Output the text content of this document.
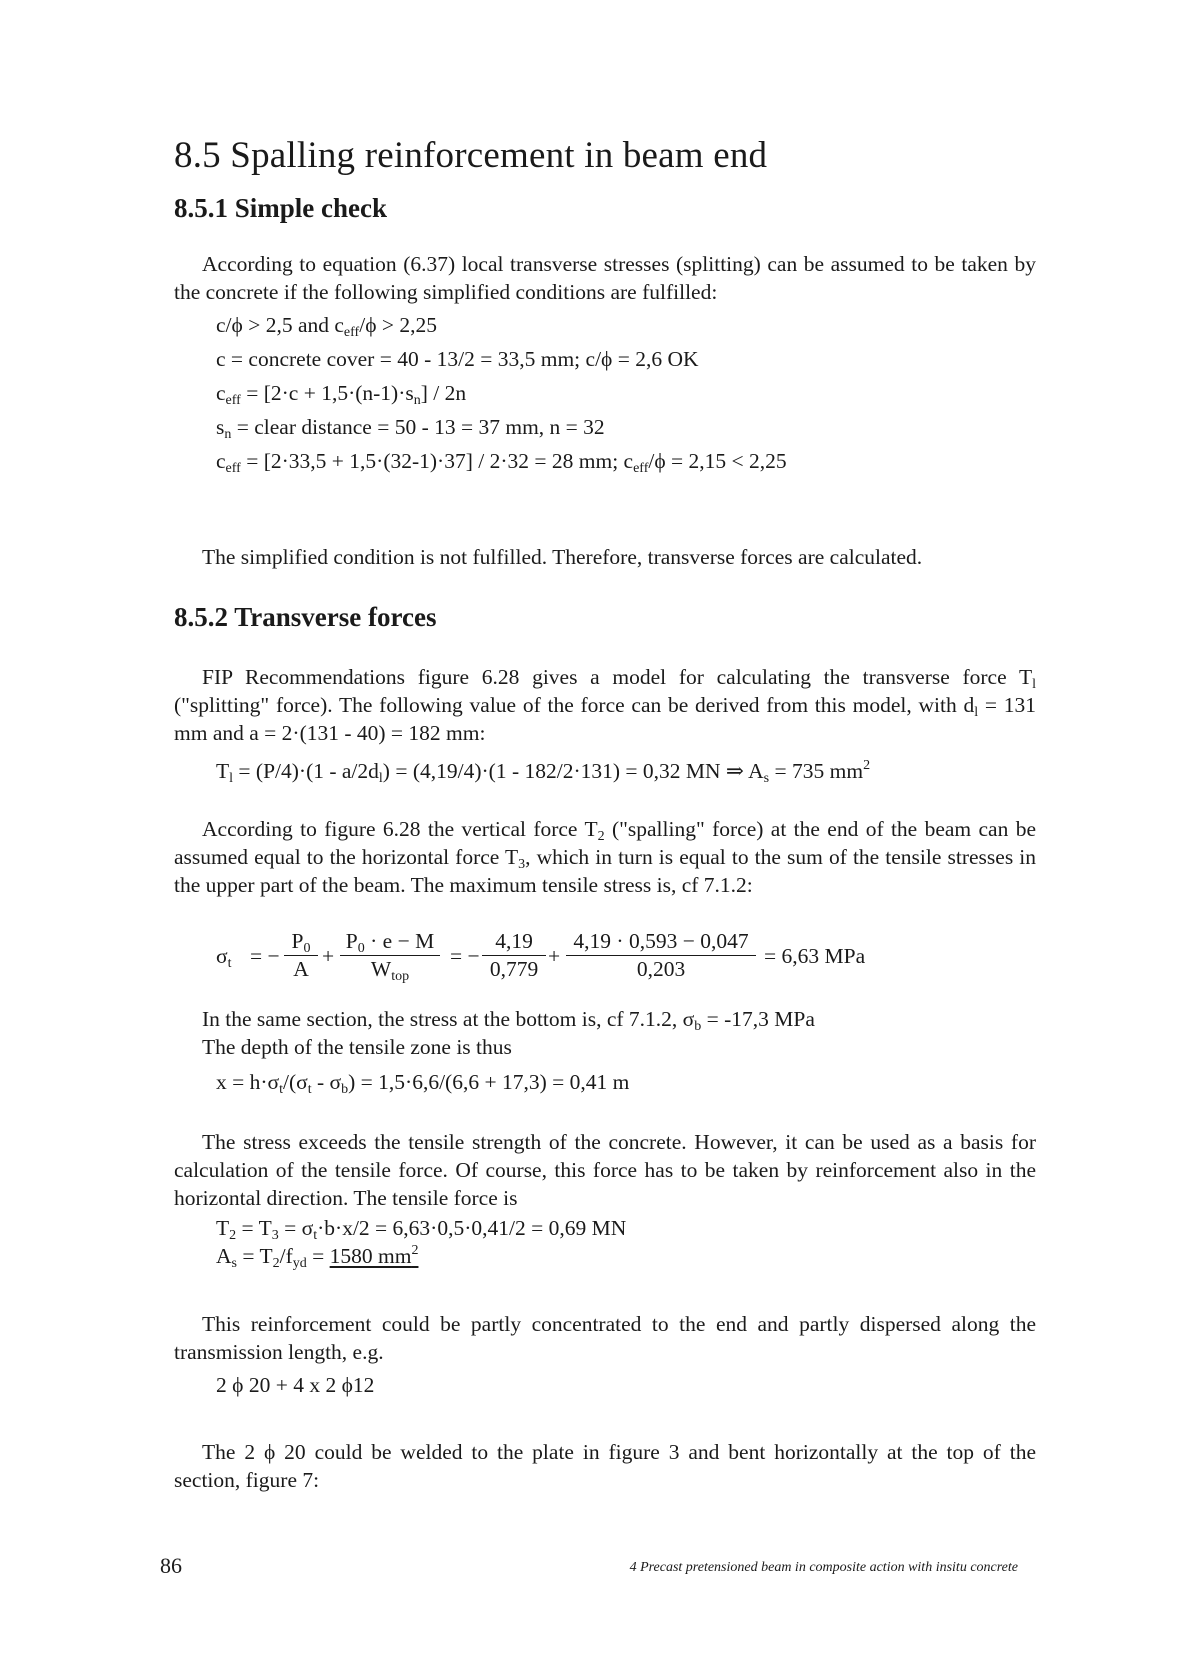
8.5 Spalling reinforcement in beam end
8.5.1 Simple check

According to equation (6.37) local transverse stresses (splitting) can be assumed to be taken by the concrete if the following simplified conditions are fulfilled:

c/ϕ > 2,5 and $c_{eff}/\phi > 2,25$
c = concrete cover = 40 - 13/2 = 33,5 mm; c/ϕ = 2,6 OK
$c_{eff} = [2\cdot c + 1,5\cdot(n-1)\cdot s_n] / 2n$
$s_n$ = clear distance = 50 - 13 = 37 mm, n = 32
$c_{eff} = [2\cdot 33,5 + 1,5\cdot(32-1)\cdot 37] / 2\cdot 32 = 28$ mm; $c_{eff}/\phi = 2,15 < 2,25$

The simplified condition is not fulfilled. Therefore, transverse forces are calculated.

8.5.2 Transverse forces

FIP Recommendations figure 6.28 gives a model for calculating the transverse force $T_l$ ("splitting" force). The following value of the force can be derived from this model, with $d_l = 131$ mm and a = 2·(131 - 40) = 182 mm:

$T_l = (P/4)\cdot(1 - a/2d_l) = (4,19/4)\cdot(1 - 182/2\cdot 131) = 0,32$ MN ⇒ $A_s = 735$ $mm^2$

According to figure 6.28 the vertical force $T_2$ ("spalling" force) at the end of the beam can be assumed equal to the horizontal force $T_3$, which in turn is equal to the sum of the tensile stresses in the upper part of the beam. The maximum tensile stress is, cf 7.1.2:

$\sigma_t$ = − $\frac{P_0}{A}$ +
$P_0 \cdot e - M$
$W_{top}$
= − $\frac{4,19}{0,779} + \frac{4,19 \cdot 0,593 - 0,047}{0,203} = 6,63$ MPa
In the same section, the stress at the bottom is, cf 7.1.2, $\sigma_b = -17,3$ MPa
The depth of the tensile zone is thus
$x = h\cdot\sigma_t/(\sigma_t - \sigma_b) = 1,5\cdot 6,6/(6,6 + 17,3) = 0,41$ m

The stress exceeds the tensile strength of the concrete. However, it can be used as a basis for calculation of the tensile force. Of course, this force has to be taken by reinforcement also in the horizontal direction. The tensile force is

$T_2 = T_3 = \sigma_t\cdot b\cdot x/2 = 6,63\cdot 0,5\cdot 0,41/2 = 0,69$ MN
$A_s = T_2/f_{yd} = 1580$ $mm^2$

This reinforcement could be partly concentrated to the end and partly dispersed along the transmission length, e.g.

2 ϕ 20 + 4 x 2 ϕ12

The 2 ϕ 20 could be welded to the plate in figure 3 and bent horizontally at the top of the section, figure 7:

86	4 Precast pretensioned beam in composite action with insitu concrete
